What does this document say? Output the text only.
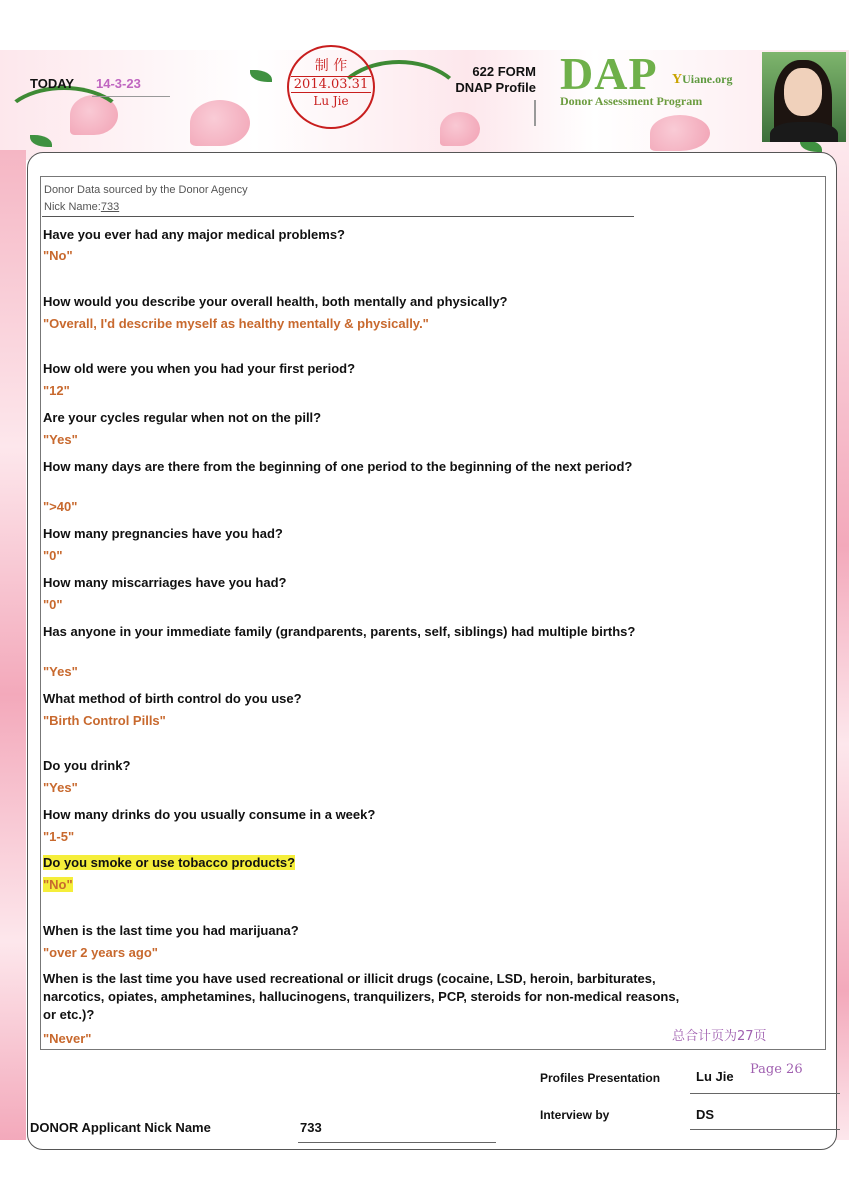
TODAY 14-3-23
制 作
2014.03.31
Lu Jie
622 FORM
DNAP Profile DAP	YUiane.org
Donor Assessment Program
Donor Data sourced by the Donor Agency
Nick Name:733
Have you ever had any major medical problems?
"No"
How would you describe your overall health, both mentally and physically?
"Overall, I'd describe myself as healthy mentally & physically."
How old were you when you had your first period?
"12"
Are your cycles regular when not on the pill?
"Yes"
How many days are there from the beginning of one period to the beginning of the next period?
">40"
How many pregnancies have you had?
"0"
How many miscarriages have you had?
"0"
Has anyone in your immediate family (grandparents, parents, self, siblings) had multiple births?
"Yes"
What method of birth control do you use?
"Birth Control Pills"
Do you drink?
"Yes"
How many drinks do you usually consume in a week?
"1-5"
Do you smoke or use tobacco products?
"No"
When is the last time you had marijuana?
"over 2 years ago"
When is the last time you have used recreational or illicit drugs (cocaine, LSD, heroin, barbiturates, narcotics, opiates, amphetamines, hallucinogens, tranquilizers, PCP, steroids for non-medical reasons, or etc.)?
"Never"	总合计页为27页
Profiles Presentation	Lu Jie Page 26
Interview by	DS
DONOR Applicant Nick Name	733
